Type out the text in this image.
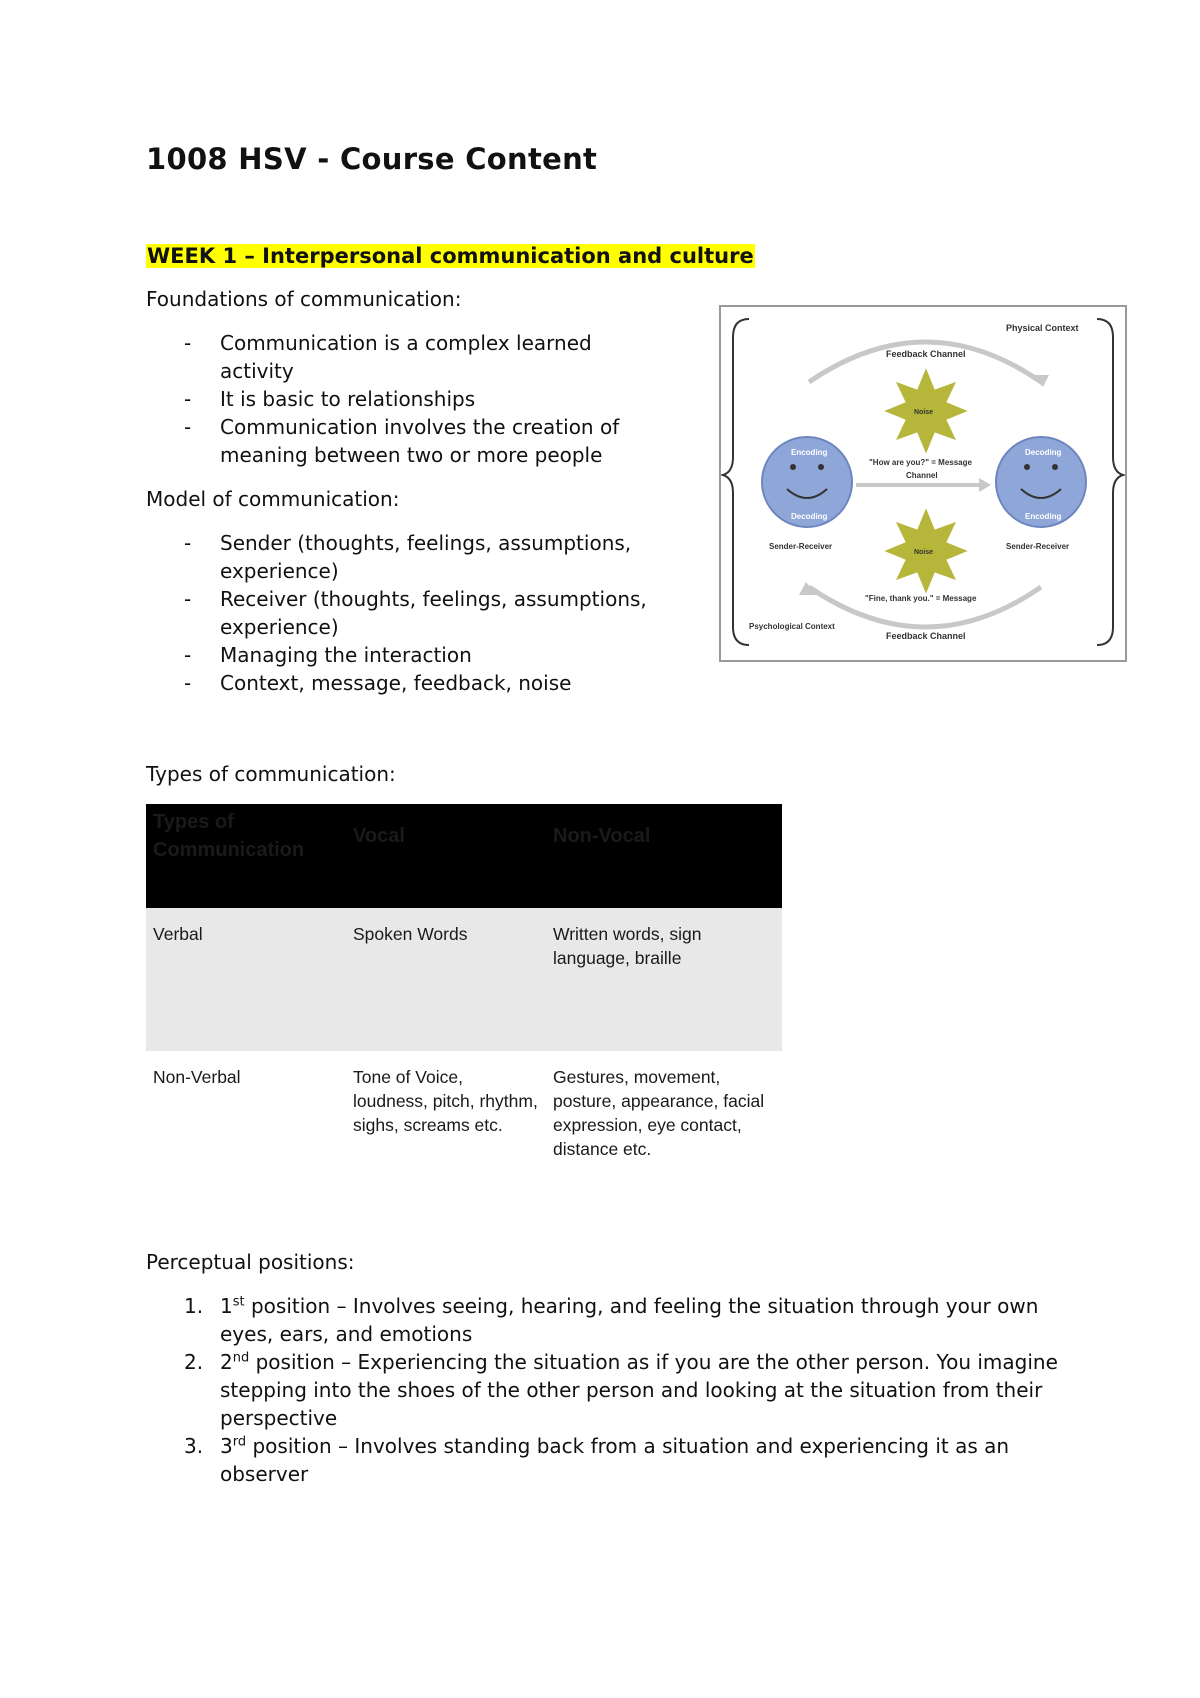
1008 HSV - Course Content
WEEK 1 – Interpersonal communication and culture

Foundations of communication:

- Communication is a complex learned activity
- It is basic to relationships
- Communication involves the creation of meaning between two or more people

Model of communication:

- Sender (thoughts, feelings, assumptions, experience)
- Receiver (thoughts, feelings, assumptions, experience)
- Managing the interaction
- Context, message, feedback, noise
Physical Context
Feedback Channel
Noise
Noise
Encoding
Decoding
Decoding
Encoding
"How are you?" = Message
Channel
Sender-Receiver	Sender-Receiver
"Fine, thank you." = Message
Psychological Context
Feedback Channel

Types of communication:

Types of Communication	Vocal	Non-Vocal
Verbal	Spoken Words	Written words, sign language, braille
Non-Verbal	Tone of Voice, loudness, pitch, rhythm, sighs, screams etc.	Gestures, movement, posture, appearance, facial expression, eye contact, distance etc.

Perceptual positions:

1. 1st position – Involves seeing, hearing, and feeling the situation through your own eyes, ears, and emotions
2. 2nd position – Experiencing the situation as if you are the other person. You imagine stepping into the shoes of the other person and looking at the situation from their perspective
3. 3rd position – Involves standing back from a situation and experiencing it as an observer
